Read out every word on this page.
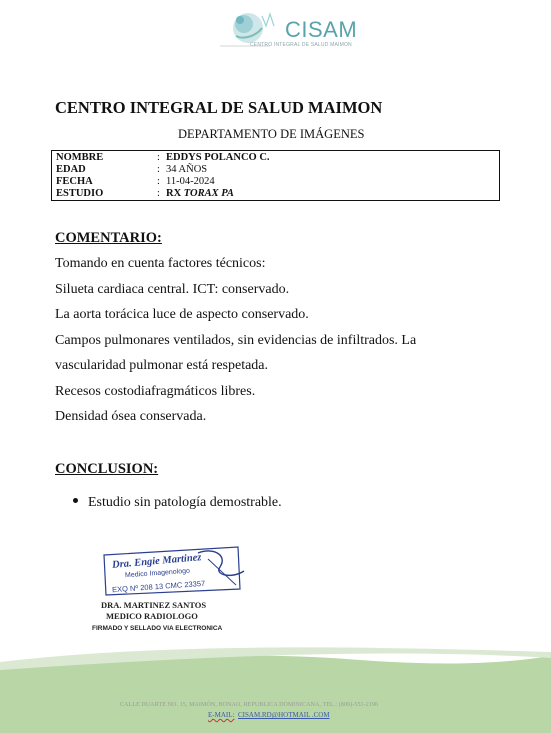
CISAM
CENTRO INTEGRAL DE SALUD MAIMON
CENTRO INTEGRAL DE SALUD MAIMON
DEPARTAMENTO DE IMÁGENES
NOMBRE	: EDDYS POLANCO C.
EDAD	: 34 AÑOS
FECHA	: 11-04-2024
ESTUDIO	: RX TORAX PA
COMENTARIO:
Tomando en cuenta factores técnicos:
Silueta cardiaca central. ICT: conservado.
La aorta torácica luce de aspecto conservado.
Campos pulmonares ventilados, sin evidencias de infiltrados. La
vascularidad pulmonar está respetada.
Recesos costodiafragmáticos libres.
Densidad ósea conservada.
CONCLUSION:
Estudio sin patología demostrable.
Dra. Engie Martinez
Medico Imagenologo
EXQ Nº 208 13 CMC 23357
DRA. MARTINEZ SANTOS
MEDICO RADIOLOGO
FIRMADO Y SELLADO VIA ELECTRONICA
CALLE DUARTE NO. 15, MAIMÓN, BONAO, REPUBLICA DOMINICANA, TEL.: (809)-551-2196
E-MAIL: CISAM.RD@HOTMAIL .COM
